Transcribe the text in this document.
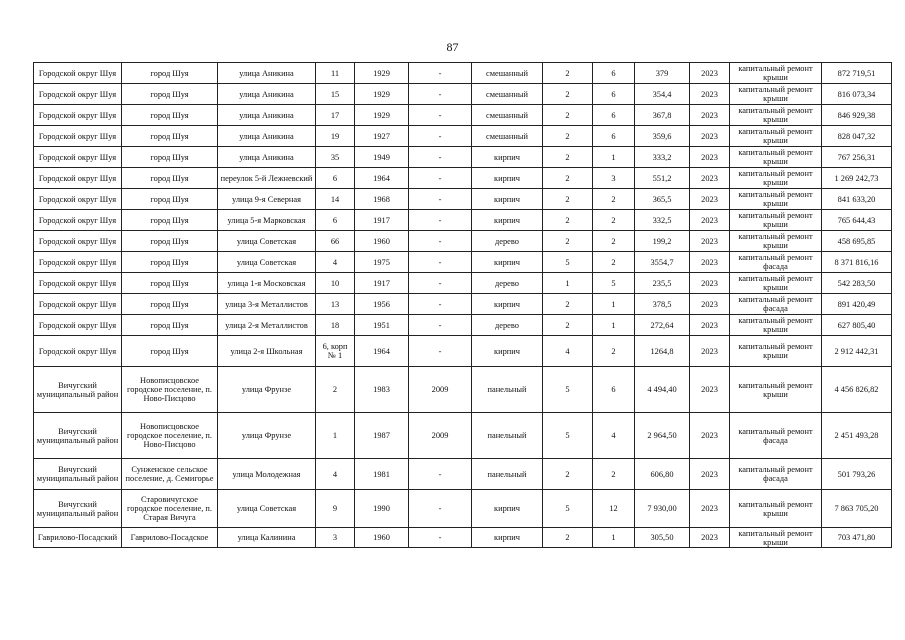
87
Городской округ Шуя	город Шуя	улица Аникина	11	1929	-	смешанный	2	6	379	2023	капитальный ремонт крыши	872 719,51
Городской округ Шуя	город Шуя	улица Аникина	15	1929	-	смешанный	2	6	354,4	2023	капитальный ремонт крыши	816 073,34
Городской округ Шуя	город Шуя	улица Аникина	17	1929	-	смешанный	2	6	367,8	2023	капитальный ремонт крыши	846 929,38
Городской округ Шуя	город Шуя	улица Аникина	19	1927	-	смешанный	2	6	359,6	2023	капитальный ремонт крыши	828 047,32
Городской округ Шуя	город Шуя	улица Аникина	35	1949	-	кирпич	2	1	333,2	2023	капитальный ремонт крыши	767 256,31
Городской округ Шуя	город Шуя	переулок 5-й Лежневский	6	1964	-	кирпич	2	3	551,2	2023	капитальный ремонт крыши	1 269 242,73
Городской округ Шуя	город Шуя	улица 9-я Северная	14	1968	-	кирпич	2	2	365,5	2023	капитальный ремонт крыши	841 633,20
Городской округ Шуя	город Шуя	улица 5-я Марковская	6	1917	-	кирпич	2	2	332,5	2023	капитальный ремонт крыши	765 644,43
Городской округ Шуя	город Шуя	улица Советская	66	1960	-	дерево	2	2	199,2	2023	капитальный ремонт крыши	458 695,85
Городской округ Шуя	город Шуя	улица Советская	4	1975	-	кирпич	5	2	3554,7	2023	капитальный ремонт фасада	8 371 816,16
Городской округ Шуя	город Шуя	улица 1-я Московская	10	1917	-	дерево	1	5	235,5	2023	капитальный ремонт крыши	542 283,50
Городской округ Шуя	город Шуя	улица 3-я Металлистов	13	1956	-	кирпич	2	1	378,5	2023	капитальный ремонт фасада	891 420,49
Городской округ Шуя	город Шуя	улица 2-я Металлистов	18	1951	-	дерево	2	1	272,64	2023	капитальный ремонт крыши	627 805,40
Городской округ Шуя	город Шуя	улица 2-я Школьная	6, корп № 1	1964	-	кирпич	4	2	1264,8	2023	капитальный ремонт крыши	2 912 442,31
Вичугский муниципальный район	Новописцовское городское поселение, п. Ново-Писцово	улица Фрунзе	2	1983	2009	панельный	5	6	4 494,40	2023	капитальный ремонт крыши	4 456 826,82
Вичугский муниципальный район	Новописцовское городское поселение, п. Ново-Писцово	улица Фрунзе	1	1987	2009	панельный	5	4	2 964,50	2023	капитальный ремонт фасада	2 451 493,28
Вичугский муниципальный район	Сунженское сельское поселение, д. Семигорье	улица Молодежная	4	1981	-	панельный	2	2	606,80	2023	капитальный ремонт фасада	501 793,26
Вичугский муниципальный район	Старовичугское городское поселение, п. Старая Вичуга	улица Советская	9	1990	-	кирпич	5	12	7 930,00	2023	капитальный ремонт крыши	7 863 705,20
Гаврилово-Посадский	Гаврилово-Посадское	улица Калинина	3	1960	-	кирпич	2	1	305,50	2023	капитальный ремонт крыши	703 471,80
